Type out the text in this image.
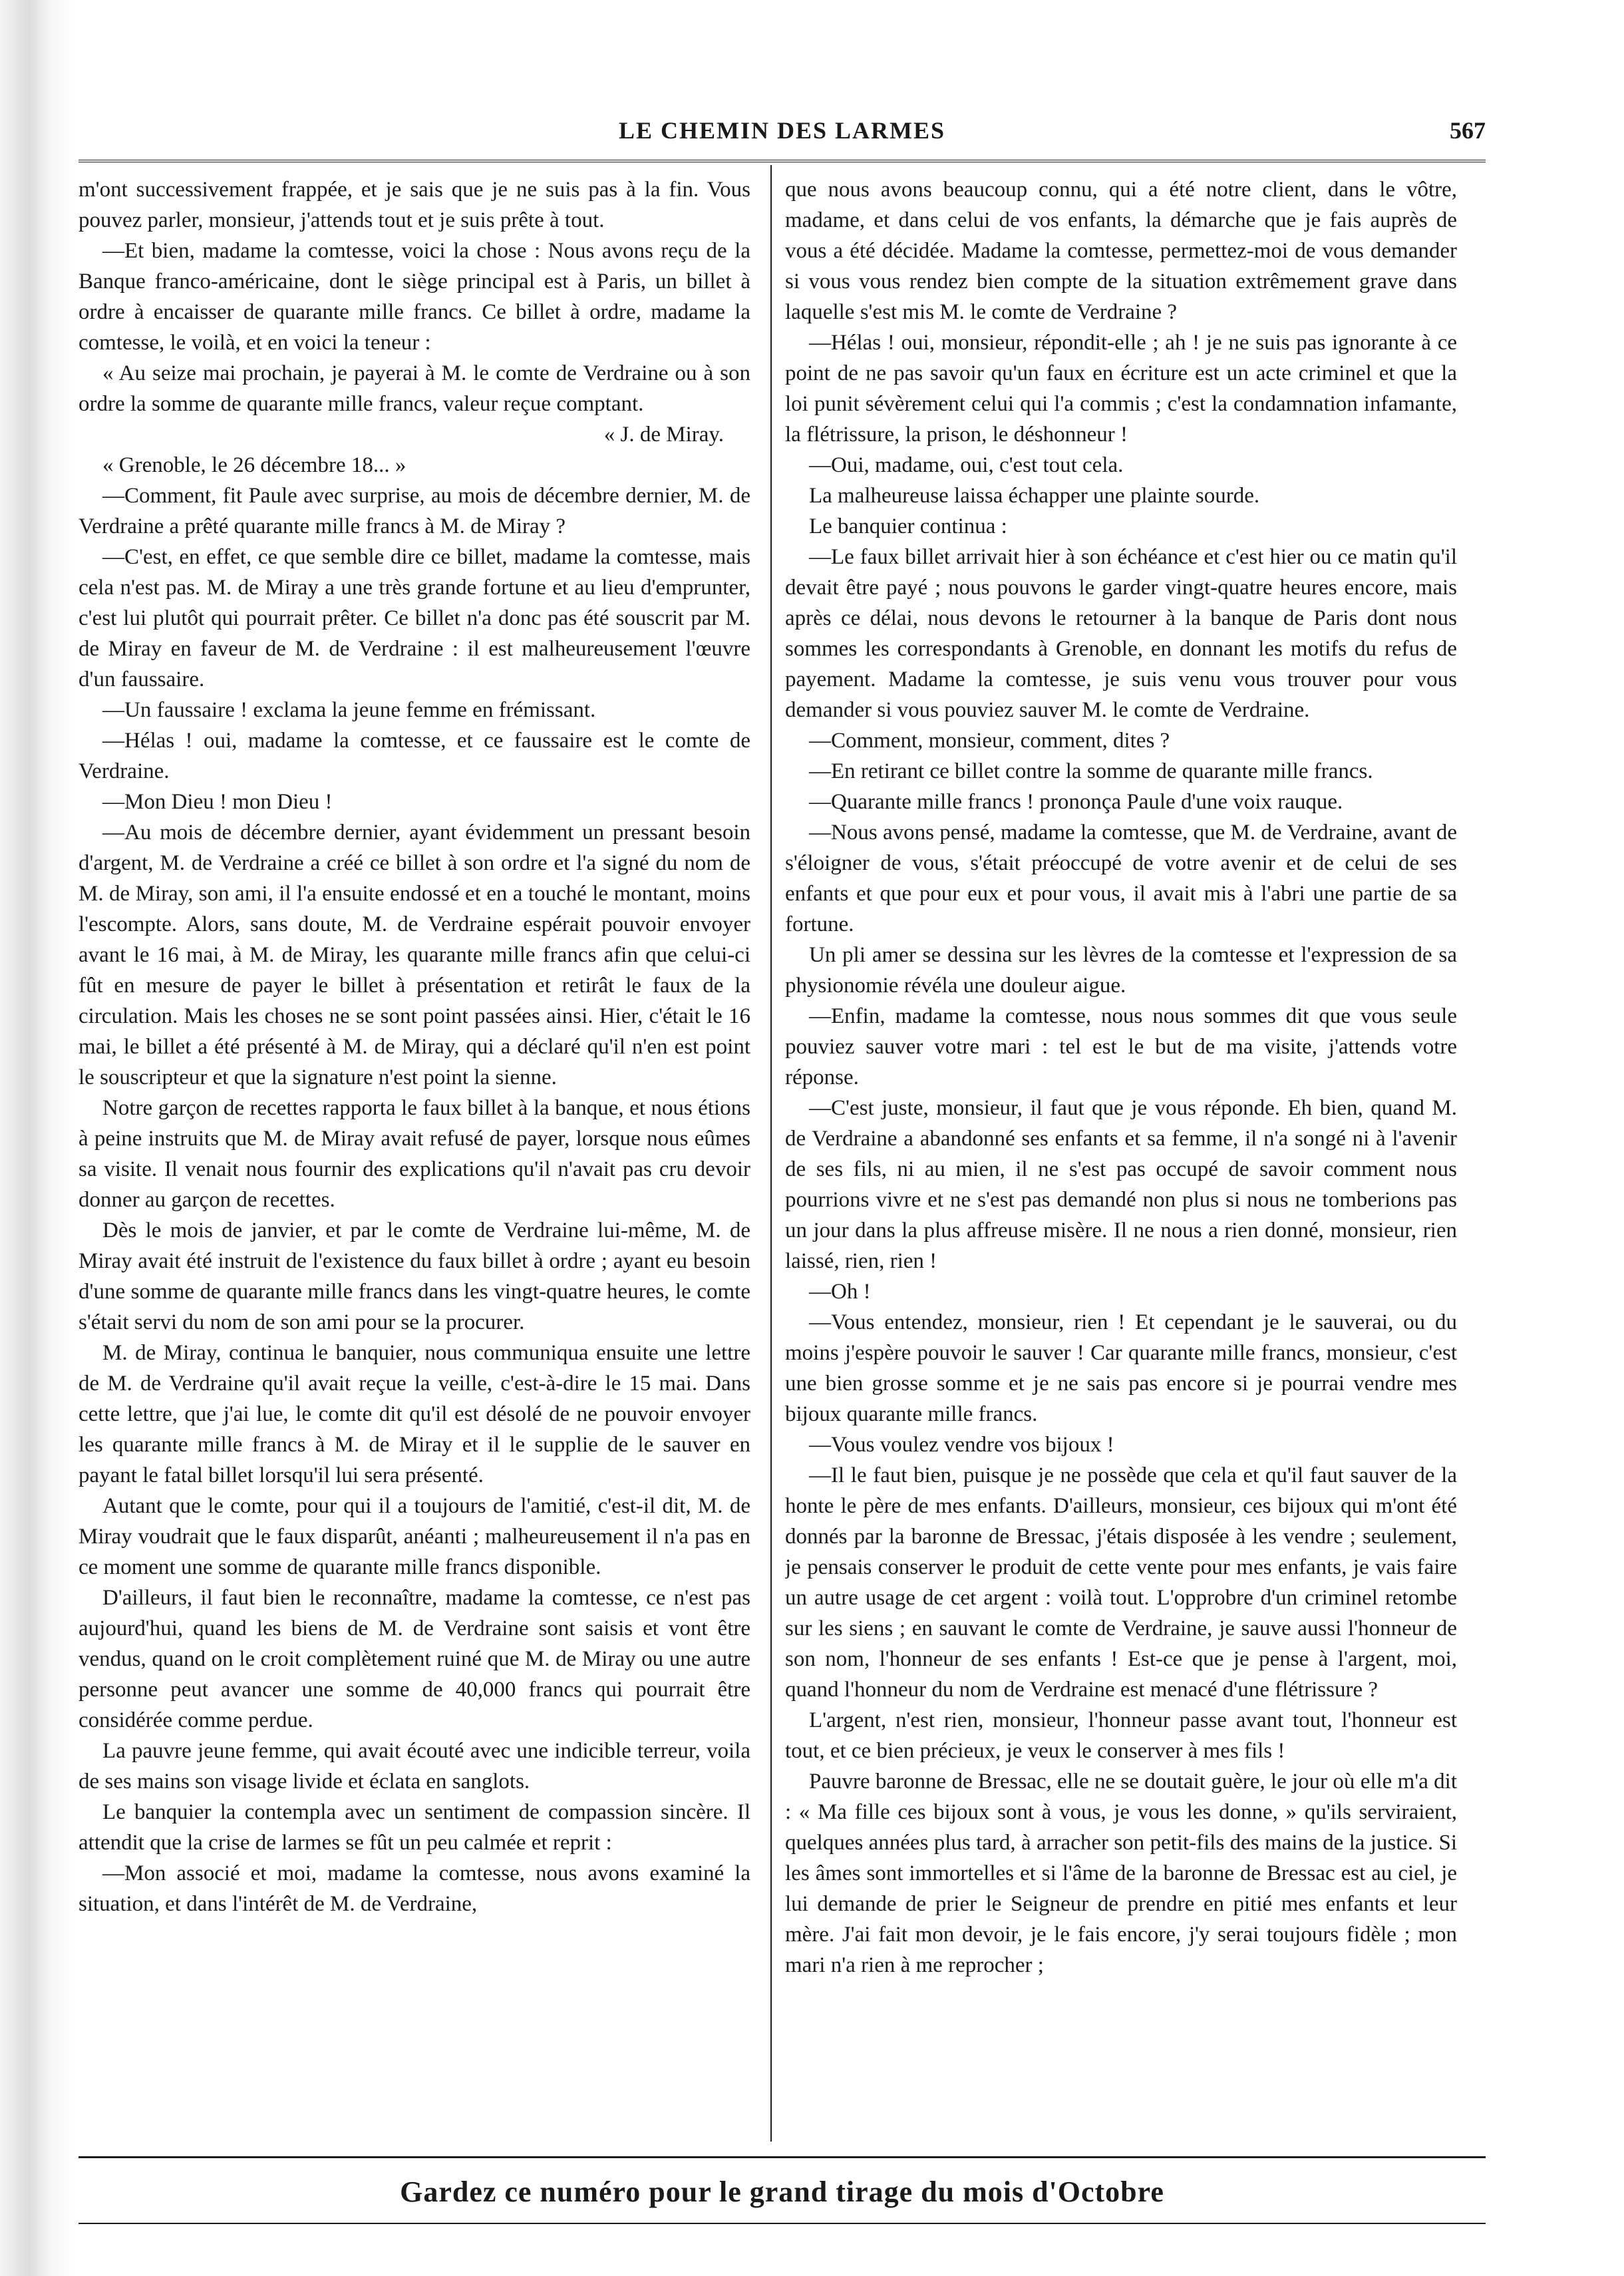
LE CHEMIN DES LARMES	567

m'ont successivement frappée, et je sais que je ne suis pas à la fin. Vous pouvez parler, monsieur, j'attends tout et je suis prête à tout.

—Et bien, madame la comtesse, voici la chose : Nous avons reçu de la Banque franco-américaine, dont le siège principal est à Paris, un billet à ordre à encaisser de quarante mille francs. Ce billet à ordre, madame la comtesse, le voilà, et en voici la teneur :

« Au seize mai prochain, je payerai à M. le comte de Verdraine ou à son ordre la somme de quarante mille francs, valeur reçue comptant.

« J. de Miray.

« Grenoble, le 26 décembre 18... »

—Comment, fit Paule avec surprise, au mois de décembre dernier, M. de Verdraine a prêté quarante mille francs à M. de Miray ?

—C'est, en effet, ce que semble dire ce billet, madame la comtesse, mais cela n'est pas. M. de Miray a une très grande fortune et au lieu d'emprunter, c'est lui plutôt qui pourrait prêter. Ce billet n'a donc pas été souscrit par M. de Miray en faveur de M. de Verdraine : il est malheureusement l'œuvre d'un faussaire.

—Un faussaire ! exclama la jeune femme en frémissant.

—Hélas ! oui, madame la comtesse, et ce faussaire est le comte de Verdraine.

—Mon Dieu ! mon Dieu !

—Au mois de décembre dernier, ayant évidemment un pressant besoin d'argent, M. de Verdraine a créé ce billet à son ordre et l'a signé du nom de M. de Miray, son ami, il l'a ensuite endossé et en a touché le montant, moins l'escompte. Alors, sans doute, M. de Verdraine espérait pouvoir envoyer avant le 16 mai, à M. de Miray, les quarante mille francs afin que celui-ci fût en mesure de payer le billet à présentation et retirât le faux de la circulation. Mais les choses ne se sont point passées ainsi. Hier, c'était le 16 mai, le billet a été présenté à M. de Miray, qui a déclaré qu'il n'en est point le souscripteur et que la signature n'est point la sienne.

Notre garçon de recettes rapporta le faux billet à la banque, et nous étions à peine instruits que M. de Miray avait refusé de payer, lorsque nous eûmes sa visite. Il venait nous fournir des explications qu'il n'avait pas cru devoir donner au garçon de recettes.

Dès le mois de janvier, et par le comte de Verdraine lui-même, M. de Miray avait été instruit de l'existence du faux billet à ordre ; ayant eu besoin d'une somme de quarante mille francs dans les vingt-quatre heures, le comte s'était servi du nom de son ami pour se la procurer.

M. de Miray, continua le banquier, nous communiqua ensuite une lettre de M. de Verdraine qu'il avait reçue la veille, c'est-à-dire le 15 mai. Dans cette lettre, que j'ai lue, le comte dit qu'il est désolé de ne pouvoir envoyer les quarante mille francs à M. de Miray et il le supplie de le sauver en payant le fatal billet lorsqu'il lui sera présenté.

Autant que le comte, pour qui il a toujours de l'amitié, c'est-il dit, M. de Miray voudrait que le faux disparût, anéanti ; malheureusement il n'a pas en ce moment une somme de quarante mille francs disponible.

D'ailleurs, il faut bien le reconnaître, madame la comtesse, ce n'est pas aujourd'hui, quand les biens de M. de Verdraine sont saisis et vont être vendus, quand on le croit complètement ruiné que M. de Miray ou une autre personne peut avancer une somme de 40,000 francs qui pourrait être considérée comme perdue.

La pauvre jeune femme, qui avait écouté avec une indicible terreur, voila de ses mains son visage livide et éclata en sanglots.

Le banquier la contempla avec un sentiment de compassion sincère. Il attendit que la crise de larmes se fût un peu calmée et reprit :

—Mon associé et moi, madame la comtesse, nous avons examiné la situation, et dans l'intérêt de M. de Verdraine,

que nous avons beaucoup connu, qui a été notre client, dans le vôtre, madame, et dans celui de vos enfants, la démarche que je fais auprès de vous a été décidée. Madame la comtesse, permettez-moi de vous demander si vous vous rendez bien compte de la situation extrêmement grave dans laquelle s'est mis M. le comte de Verdraine ?

—Hélas ! oui, monsieur, répondit-elle ; ah ! je ne suis pas ignorante à ce point de ne pas savoir qu'un faux en écriture est un acte criminel et que la loi punit sévèrement celui qui l'a commis ; c'est la condamnation infamante, la flétrissure, la prison, le déshonneur !

—Oui, madame, oui, c'est tout cela.

La malheureuse laissa échapper une plainte sourde.

Le banquier continua :

—Le faux billet arrivait hier à son échéance et c'est hier ou ce matin qu'il devait être payé ; nous pouvons le garder vingt-quatre heures encore, mais après ce délai, nous devons le retourner à la banque de Paris dont nous sommes les correspondants à Grenoble, en donnant les motifs du refus de payement. Madame la comtesse, je suis venu vous trouver pour vous demander si vous pouviez sauver M. le comte de Verdraine.

—Comment, monsieur, comment, dites ?

—En retirant ce billet contre la somme de quarante mille francs.

—Quarante mille francs ! prononça Paule d'une voix rauque.

—Nous avons pensé, madame la comtesse, que M. de Verdraine, avant de s'éloigner de vous, s'était préoccupé de votre avenir et de celui de ses enfants et que pour eux et pour vous, il avait mis à l'abri une partie de sa fortune.

Un pli amer se dessina sur les lèvres de la comtesse et l'expression de sa physionomie révéla une douleur aigue.

—Enfin, madame la comtesse, nous nous sommes dit que vous seule pouviez sauver votre mari : tel est le but de ma visite, j'attends votre réponse.

—C'est juste, monsieur, il faut que je vous réponde. Eh bien, quand M. de Verdraine a abandonné ses enfants et sa femme, il n'a songé ni à l'avenir de ses fils, ni au mien, il ne s'est pas occupé de savoir comment nous pourrions vivre et ne s'est pas demandé non plus si nous ne tomberions pas un jour dans la plus affreuse misère. Il ne nous a rien donné, monsieur, rien laissé, rien, rien !

—Oh !

—Vous entendez, monsieur, rien ! Et cependant je le sauverai, ou du moins j'espère pouvoir le sauver ! Car quarante mille francs, monsieur, c'est une bien grosse somme et je ne sais pas encore si je pourrai vendre mes bijoux quarante mille francs.

—Vous voulez vendre vos bijoux !

—Il le faut bien, puisque je ne possède que cela et qu'il faut sauver de la honte le père de mes enfants. D'ailleurs, monsieur, ces bijoux qui m'ont été donnés par la baronne de Bressac, j'étais disposée à les vendre ; seulement, je pensais conserver le produit de cette vente pour mes enfants, je vais faire un autre usage de cet argent : voilà tout. L'opprobre d'un criminel retombe sur les siens ; en sauvant le comte de Verdraine, je sauve aussi l'honneur de son nom, l'honneur de ses enfants ! Est-ce que je pense à l'argent, moi, quand l'honneur du nom de Verdraine est menacé d'une flétrissure ?

L'argent, n'est rien, monsieur, l'honneur passe avant tout, l'honneur est tout, et ce bien précieux, je veux le conserver à mes fils !

Pauvre baronne de Bressac, elle ne se doutait guère, le jour où elle m'a dit : « Ma fille ces bijoux sont à vous, je vous les donne, » qu'ils serviraient, quelques années plus tard, à arracher son petit-fils des mains de la justice. Si les âmes sont immortelles et si l'âme de la baronne de Bressac est au ciel, je lui demande de prier le Seigneur de prendre en pitié mes enfants et leur mère. J'ai fait mon devoir, je le fais encore, j'y serai toujours fidèle ; mon mari n'a rien à me reprocher ;

Gardez ce numéro pour le grand tirage du mois d'Octobre
